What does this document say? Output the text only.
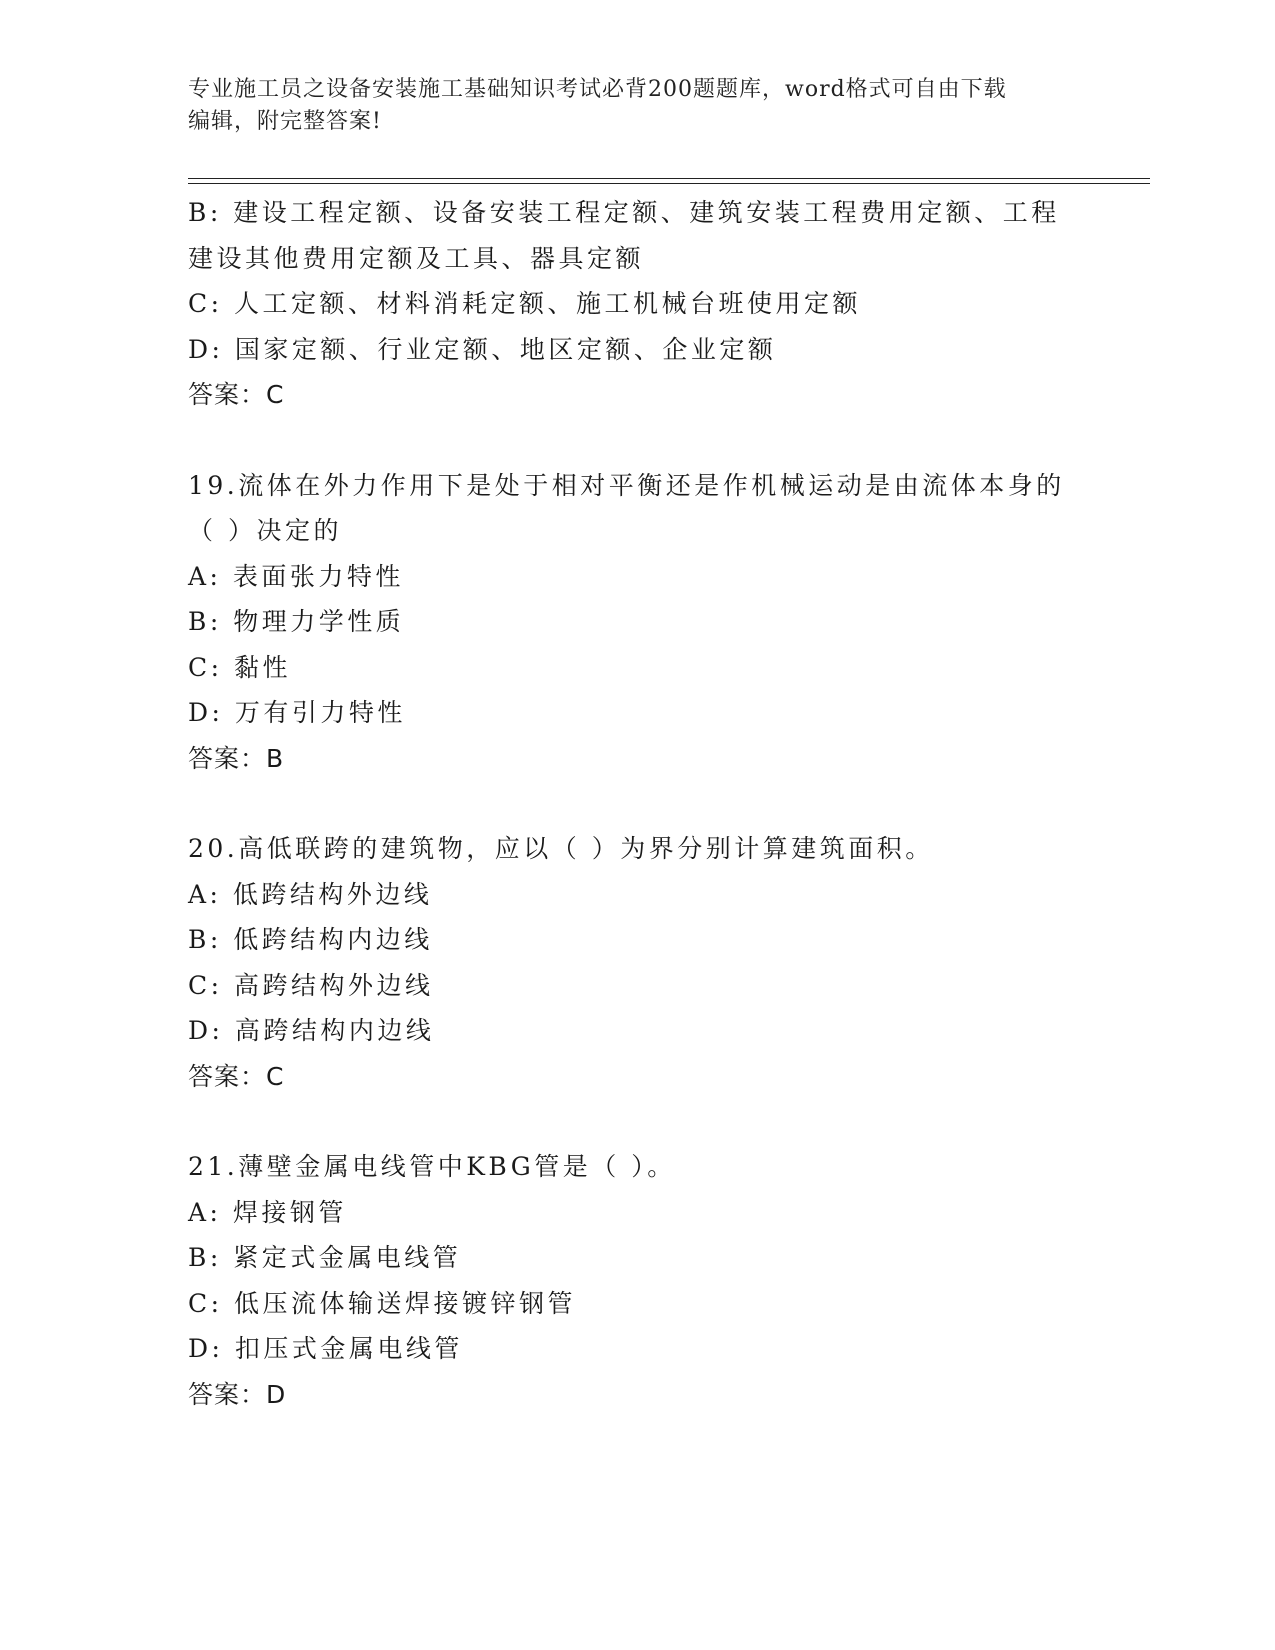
专业施工员之设备安装施工基础知识考试必背200题题库，word格式可自由下载
编辑，附完整答案!
B: 建设工程定额、设备安装工程定额、建筑安装工程费用定额、工程
建设其他费用定额及工具、器具定额
C: 人工定额、材料消耗定额、施工机械台班使用定额
D: 国家定额、行业定额、地区定额、企业定额
答案：C
19.流体在外力作用下是处于相对平衡还是作机械运动是由流体本身的
（ ）决定的
A: 表面张力特性
B: 物理力学性质
C: 黏性
D: 万有引力特性
答案：B
20.高低联跨的建筑物，应以（ ）为界分别计算建筑面积。
A: 低跨结构外边线
B: 低跨结构内边线
C: 高跨结构外边线
D: 高跨结构内边线
答案：C
21.薄壁金属电线管中KBG管是（ ）。
A: 焊接钢管
B: 紧定式金属电线管
C: 低压流体输送焊接镀锌钢管
D: 扣压式金属电线管
答案：D
